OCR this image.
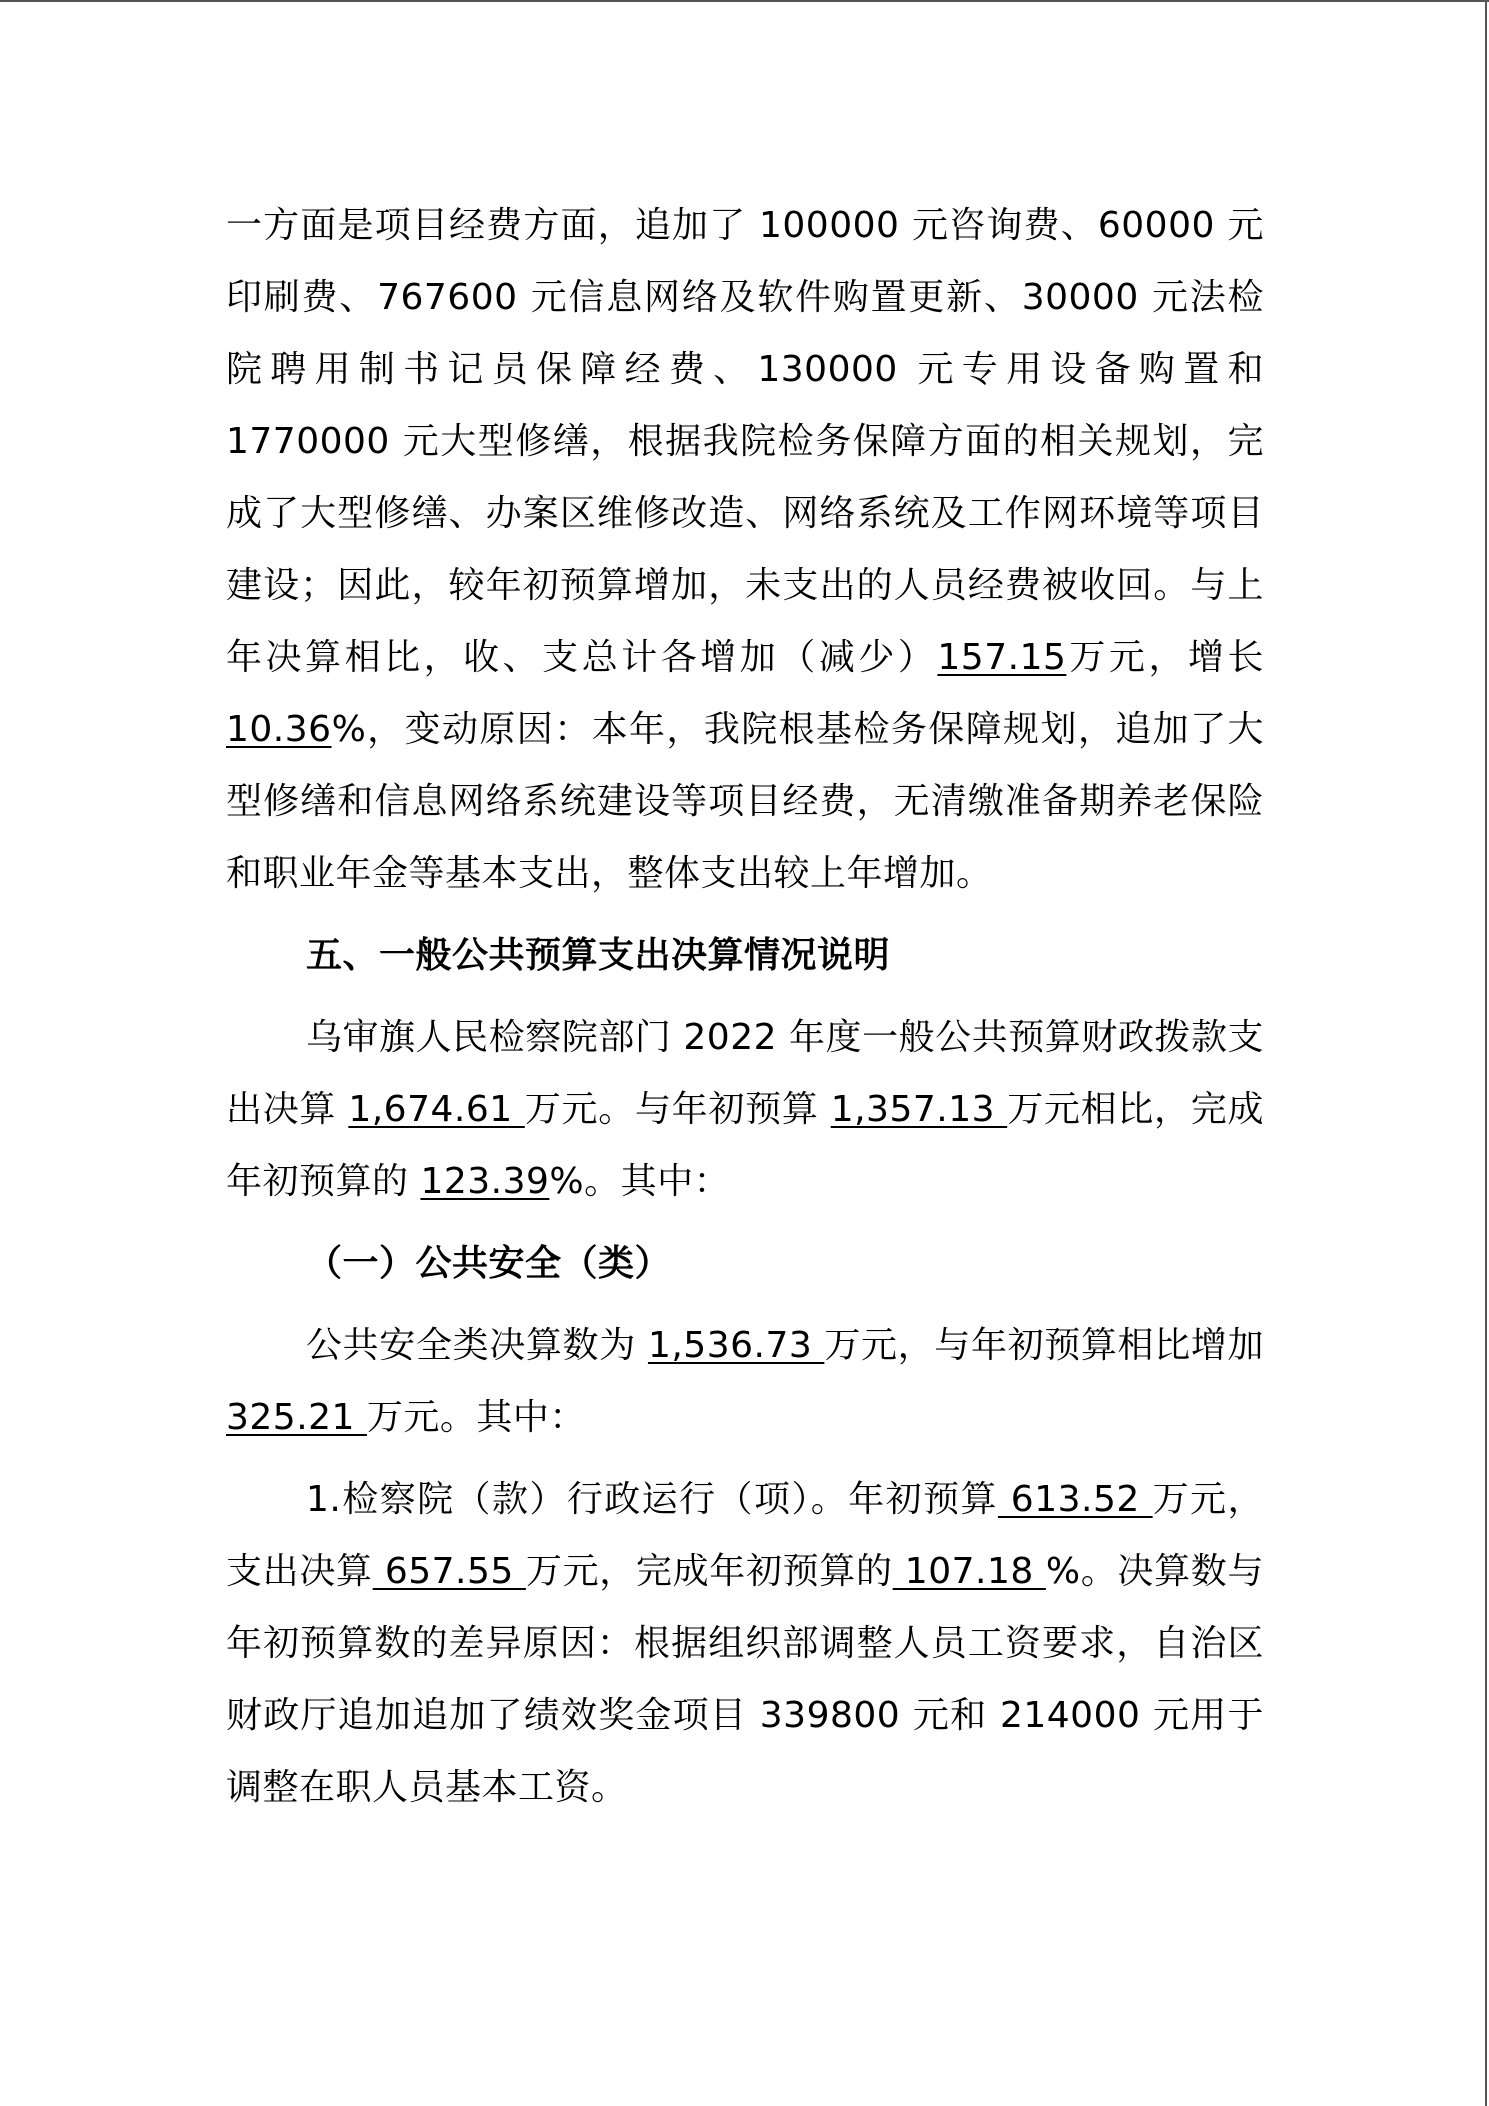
一方面是项目经费方面，追加了 100000 元咨询费、60000 元印刷费、767600 元信息网络及软件购置更新、30000 元法检院聘用制书记员保障经费、130000 元专用设备购置和 1770000 元大型修缮，根据我院检务保障方面的相关规划，完成了大型修缮、办案区维修改造、网络系统及工作网环境等项目建设；因此，较年初预算增加，未支出的人员经费被收回。与上年决算相比，收、支总计各增加（减少）157.15万元，增长 10.36%，变动原因：本年，我院根基检务保障规划，追加了大型修缮和信息网络系统建设等项目经费，无清缴准备期养老保险和职业年金等基本支出，整体支出较上年增加。

五、一般公共预算支出决算情况说明

乌审旗人民检察院部门 2022 年度一般公共预算财政拨款支出决算 1,674.61 万元。与年初预算 1,357.13 万元相比，完成年初预算的 123.39%。其中：

（一）公共安全（类）

公共安全类决算数为 1,536.73 万元，与年初预算相比增加 325.21 万元。其中：

1.检察院（款）行政运行（项）。年初预算 613.52 万元，支出决算 657.55 万元，完成年初预算的 107.18 %。决算数与年初预算数的差异原因：根据组织部调整人员工资要求，自治区财政厅追加追加了绩效奖金项目 339800 元和 214000 元用于调整在职人员基本工资。
